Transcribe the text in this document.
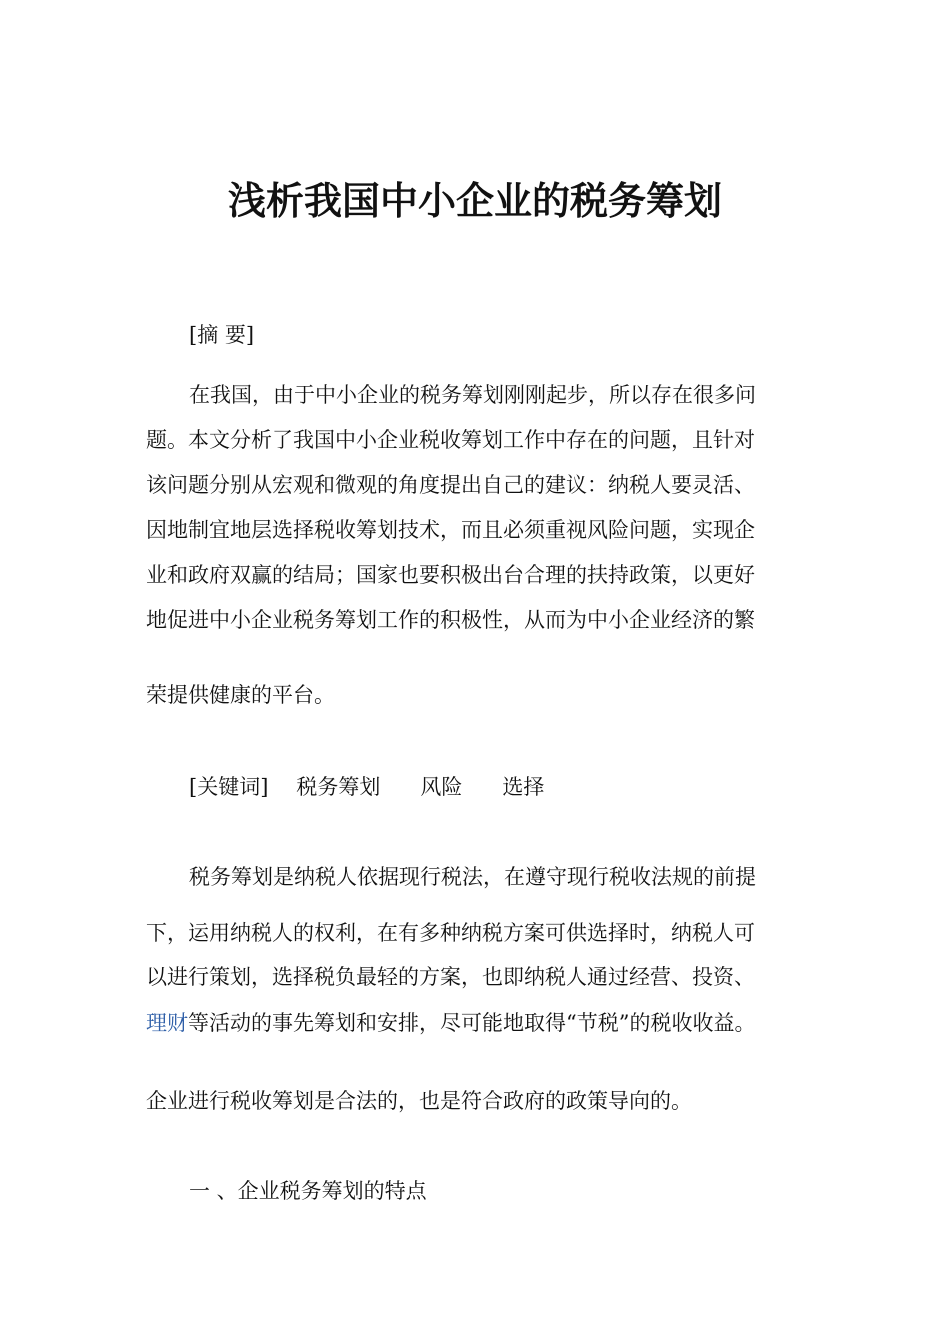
浅析我国中小企业的税务筹划
[摘 要]
在我国，由于中小企业的税务筹划刚刚起步，所以存在很多问
题。本文分析了我国中小企业税收筹划工作中存在的问题，且针对
该问题分别从宏观和微观的角度提出自己的建议：纳税人要灵活、
因地制宜地层选择税收筹划技术，而且必须重视风险问题，实现企
业和政府双赢的结局；国家也要积极出台合理的扶持政策，以更好
地促进中小企业税务筹划工作的积极性，从而为中小企业经济的繁
荣提供健康的平台。
[关键词] 税务筹划 风险 选择
税务筹划是纳税人依据现行税法，在遵守现行税收法规的前提
下，运用纳税人的权利，在有多种纳税方案可供选择时，纳税人可
以进行策划，选择税负最轻的方案，也即纳税人通过经营、投资、
理财等活动的事先筹划和安排，尽可能地取得“节税”的税收收益。
企业进行税收筹划是合法的，也是符合政府的政策导向的。
一 、企业税务筹划的特点
